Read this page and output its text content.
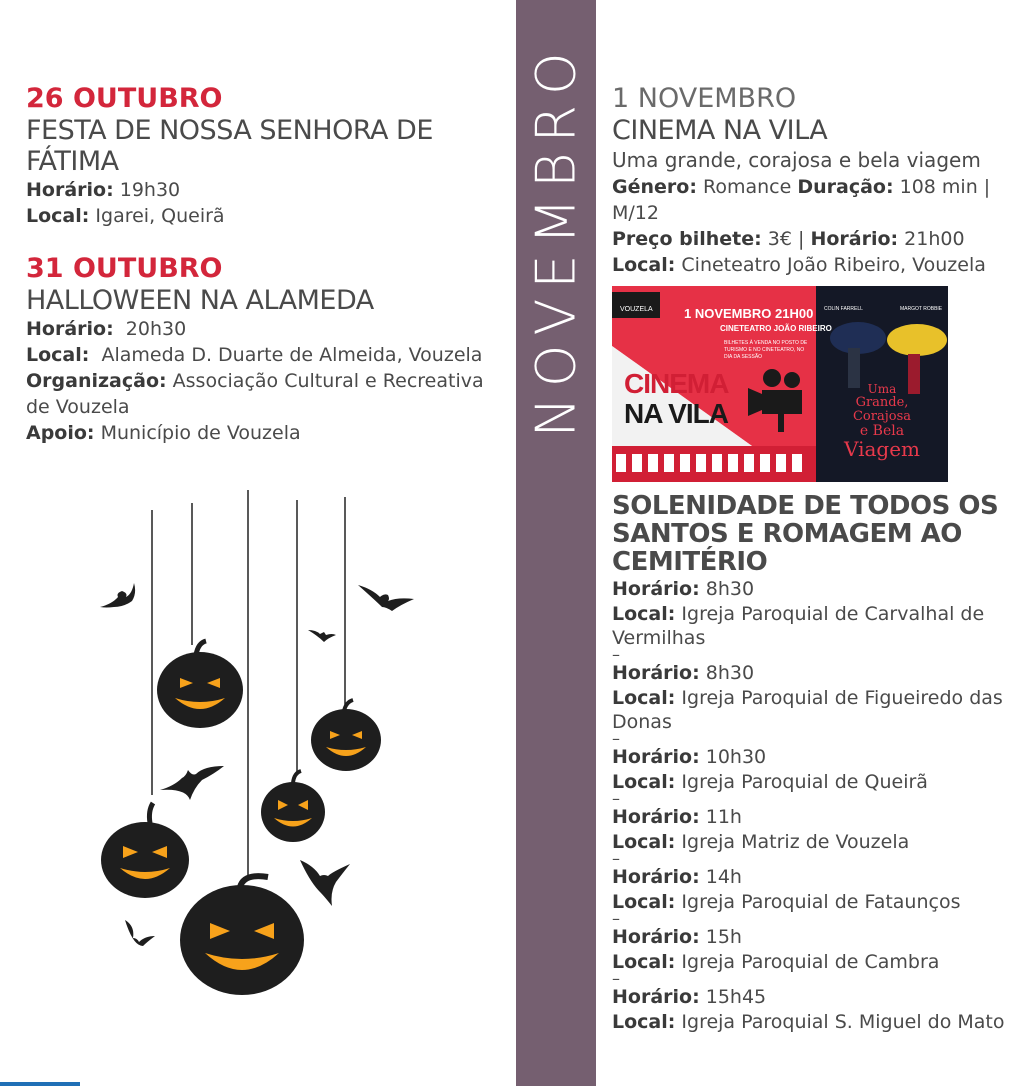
26 OUTUBRO
FESTA DE NOSSA SENHORA DE FÁTIMA
Horário: 19h30
Local: Igarei, Queirã
31 OUTUBRO
HALLOWEEN NA ALAMEDA
Horário: 20h30
Local: Alameda D. Duarte de Almeida, Vouzela
Organização: Associação Cultural e Recreativa de Vouzela
Apoio: Município de Vouzela	NOVEMBRO 1 NOVEMBRO
CINEMA NA VILA
Uma grande, corajosa e bela viagem
Género: Romance Duração: 108 min | M/12
Preço bilhete: 3€ | Horário: 21h00
Local: Cineteatro João Ribeiro, Vouzela
VOUZELA 1 NOVEMBRO 21H00
CINETEATRO JOÃO RIBEIRO
BILHETES À VENDA NO POSTO DE TURISMO E NO CINETEATRO, NO DIA DA SESSÃO
CINEMA
NA VILA
COLIN FARRELL	MARGOT ROBBIE
Uma
Grande,
Corajosa
e Bela
Viagem
SOLENIDADE DE TODOS OS SANTOS E ROMAGEM AO CEMITÉRIO
Horário: 8h30
Local: Igreja Paroquial de Carvalhal de Vermilhas
–
Horário: 8h30
Local: Igreja Paroquial de Figueiredo das Donas
–
Horário: 10h30
Local: Igreja Paroquial de Queirã
–
Horário: 11h
Local: Igreja Matriz de Vouzela
–
Horário: 14h
Local: Igreja Paroquial de Fataunços
–
Horário: 15h
Local: Igreja Paroquial de Cambra
–
Horário: 15h45
Local: Igreja Paroquial S. Miguel do Mato
